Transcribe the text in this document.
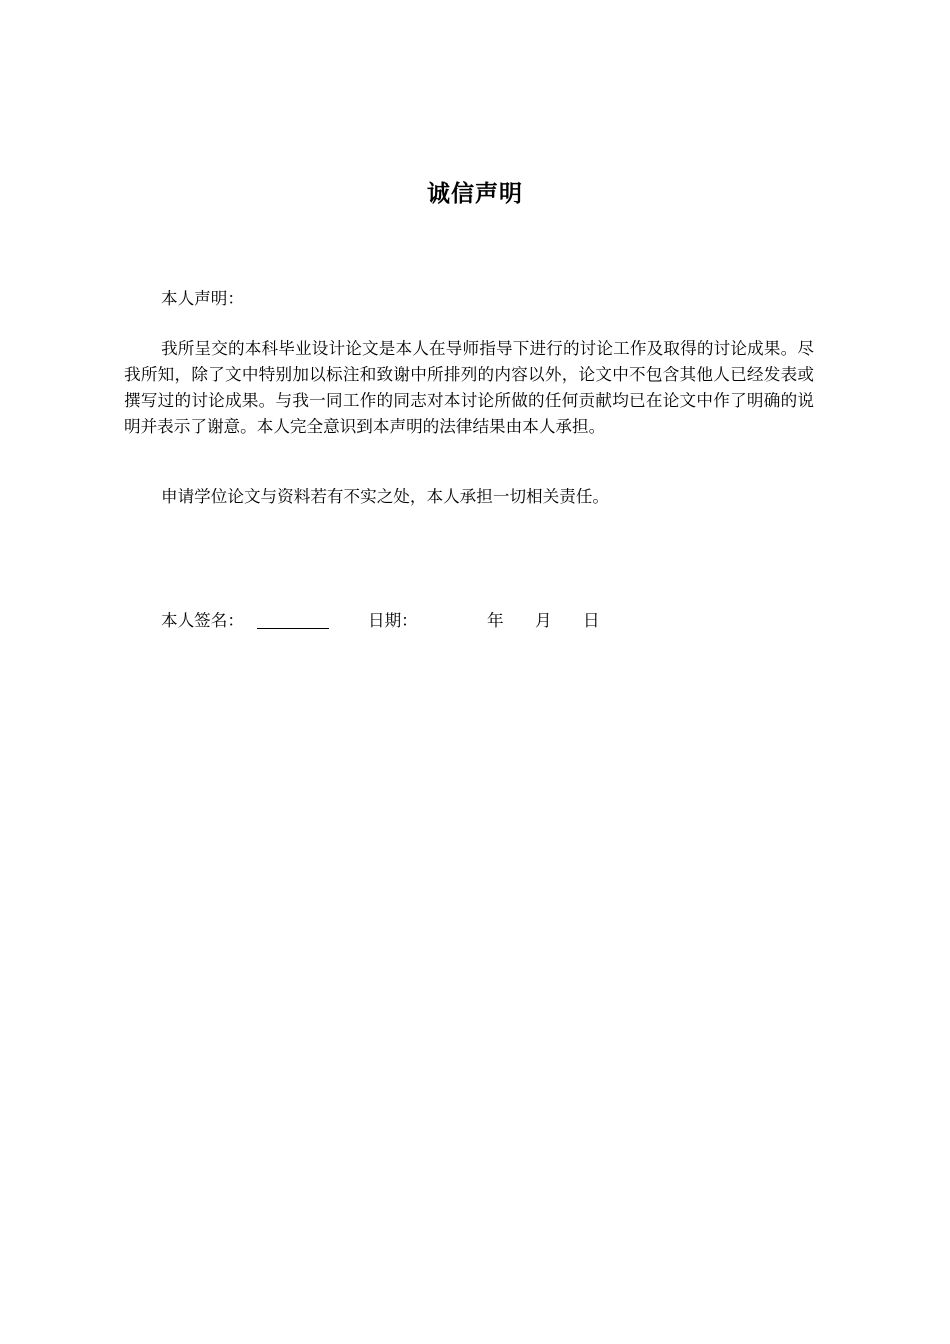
诚信声明

本人声明：

我所呈交的本科毕业设计论文是本人在导师指导下进行的讨论工作及取得的讨论成果。尽我所知，除了文中特别加以标注和致谢中所排列的内容以外，论文中不包含其他人已经发表或撰写过的讨论成果。与我一同工作的同志对本讨论所做的任何贡献均已在论文中作了明确的说明并表示了谢意。本人完全意识到本声明的法律结果由本人承担。

申请学位论文与资料若有不实之处，本人承担一切相关责任。

本人签名：	日期：	年 月 日
